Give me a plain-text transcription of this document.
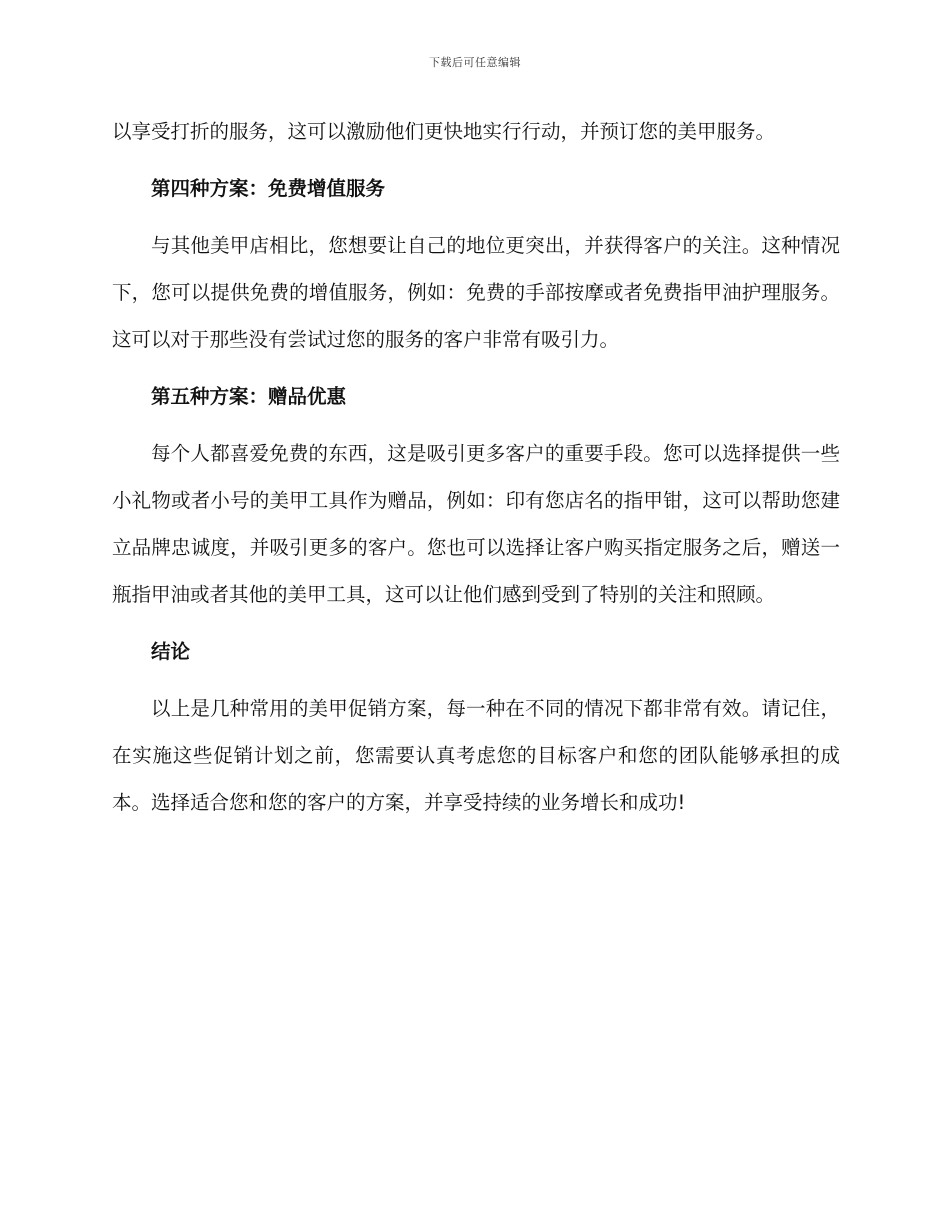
下载后可任意编辑

以享受打折的服务，这可以激励他们更快地实行行动，并预订您的美甲服务。

第四种方案：免费增值服务

与其他美甲店相比，您想要让自己的地位更突出，并获得客户的关注。这种情况下，您可以提供免费的增值服务，例如：免费的手部按摩或者免费指甲油护理服务。这可以对于那些没有尝试过您的服务的客户非常有吸引力。

第五种方案：赠品优惠

每个人都喜爱免费的东西，这是吸引更多客户的重要手段。您可以选择提供一些小礼物或者小号的美甲工具作为赠品，例如：印有您店名的指甲钳，这可以帮助您建立品牌忠诚度，并吸引更多的客户。您也可以选择让客户购买指定服务之后，赠送一瓶指甲油或者其他的美甲工具，这可以让他们感到受到了特别的关注和照顾。

结论

以上是几种常用的美甲促销方案，每一种在不同的情况下都非常有效。请记住，在实施这些促销计划之前，您需要认真考虑您的目标客户和您的团队能够承担的成本。选择适合您和您的客户的方案，并享受持续的业务增长和成功!
